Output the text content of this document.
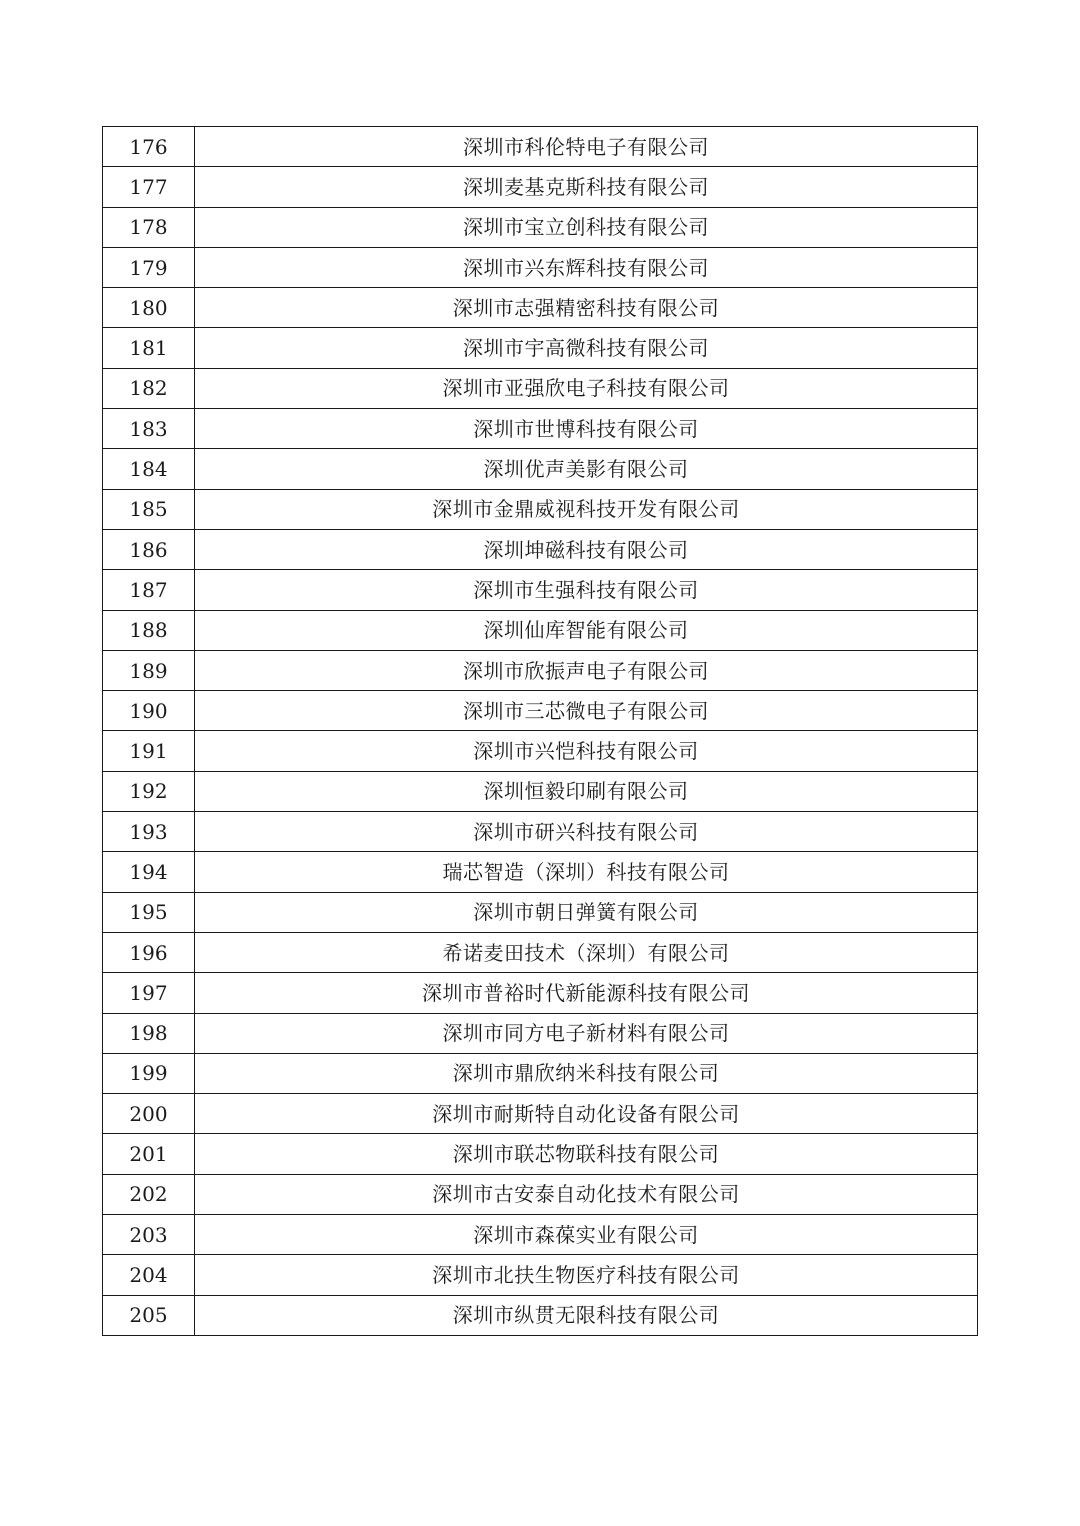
176	深圳市科伦特电子有限公司
177	深圳麦基克斯科技有限公司
178	深圳市宝立创科技有限公司
179	深圳市兴东辉科技有限公司
180	深圳市志强精密科技有限公司
181	深圳市宇高微科技有限公司
182	深圳市亚强欣电子科技有限公司
183	深圳市世博科技有限公司
184	深圳优声美影有限公司
185	深圳市金鼎威视科技开发有限公司
186	深圳坤磁科技有限公司
187	深圳市生强科技有限公司
188	深圳仙库智能有限公司
189	深圳市欣振声电子有限公司
190	深圳市三芯微电子有限公司
191	深圳市兴恺科技有限公司
192	深圳恒毅印刷有限公司
193	深圳市研兴科技有限公司
194	瑞芯智造（深圳）科技有限公司
195	深圳市朝日弹簧有限公司
196	希诺麦田技术（深圳）有限公司
197	深圳市普裕时代新能源科技有限公司
198	深圳市同方电子新材料有限公司
199	深圳市鼎欣纳米科技有限公司
200	深圳市耐斯特自动化设备有限公司
201	深圳市联芯物联科技有限公司
202	深圳市古安泰自动化技术有限公司
203	深圳市森葆实业有限公司
204	深圳市北扶生物医疗科技有限公司
205	深圳市纵贯无限科技有限公司
